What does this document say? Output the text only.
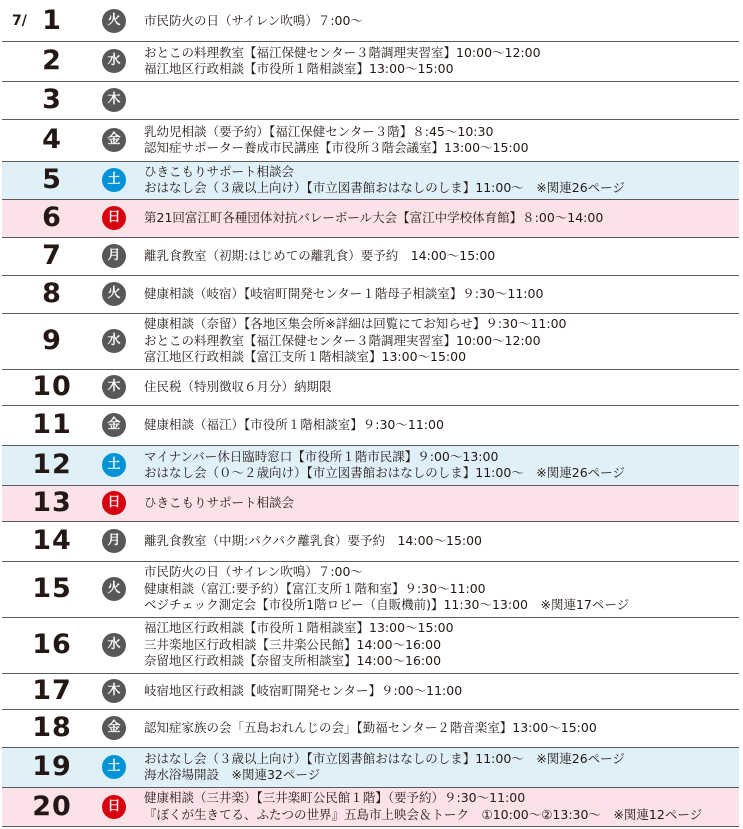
1	火	市民防火の日（サイレン吹鳴）７:00～
2	水
おとこの料理教室【福江保健センター３階調理実習室】10:00～12:00
福江地区行政相談【市役所１階相談室】13:00～15:00
3	木
4	金
乳幼児相談（要予約）【福江保健センター３階】８:45～10:30
認知症サポーター養成市民講座【市役所３階会議室】13:00～15:00
5	土
ひきこもりサポート相談会
おはなし会（３歳以上向け）【市立図書館おはなしのしま】11:00～　※関連26ページ
6	日	第21回富江町各種団体対抗バレーボール大会【富江中学校体育館】８:00～14:00
7	月	離乳食教室（初期:はじめての離乳食）要予約　14:00～15:00
8	火	健康相談（岐宿）【岐宿町開発センター１階母子相談室】９:30～11:00
9	水
健康相談（奈留）【各地区集会所※詳細は回覧にてお知らせ】９:30～11:00
おとこの料理教室【福江保健センター３階調理実習室】10:00～12:00
富江地区行政相談【富江支所１階相談室】13:00～15:00
10	木	住民税（特別徴収６月分）納期限
11	金	健康相談（福江）【市役所１階相談室】９:30～11:00
12	土
マイナンバー休日臨時窓口【市役所１階市民課】９:00～13:00
おはなし会（０～２歳向け）【市立図書館おはなしのしま】11:00～　※関連26ページ
13	日	ひきこもりサポート相談会
14	月	離乳食教室（中期:パクパク離乳食）要予約　14:00～15:00
15	火
市民防火の日（サイレン吹鳴）７:00～
健康相談（富江:要予約）【富江支所１階和室】９:30～11:00
ベジチェック測定会【市役所1階ロビー（自販機前)】11:30～13:00　※関連17ページ
16	水
福江地区行政相談【市役所１階相談室】13:00～15:00
三井楽地区行政相談【三井楽公民館】14:00～16:00
奈留地区行政相談【奈留支所相談室】14:00～16:00
17	木	岐宿地区行政相談【岐宿町開発センター】９:00～11:00
18	金	認知症家族の会「五島おれんじの会」【勤福センター２階音楽室】13:00～15:00
19	土
おはなし会（３歳以上向け）【市立図書館おはなしのしま】11:00～　※関連26ページ
海水浴場開設　※関連32ページ
20	日
健康相談（三井楽）【三井楽町公民館１階】（要予約）９:30～11:00
『ぼくが生きてる、ふたつの世界』五島市上映会＆トーク　①10:00～②13:30～　※関連12ページ
7/
